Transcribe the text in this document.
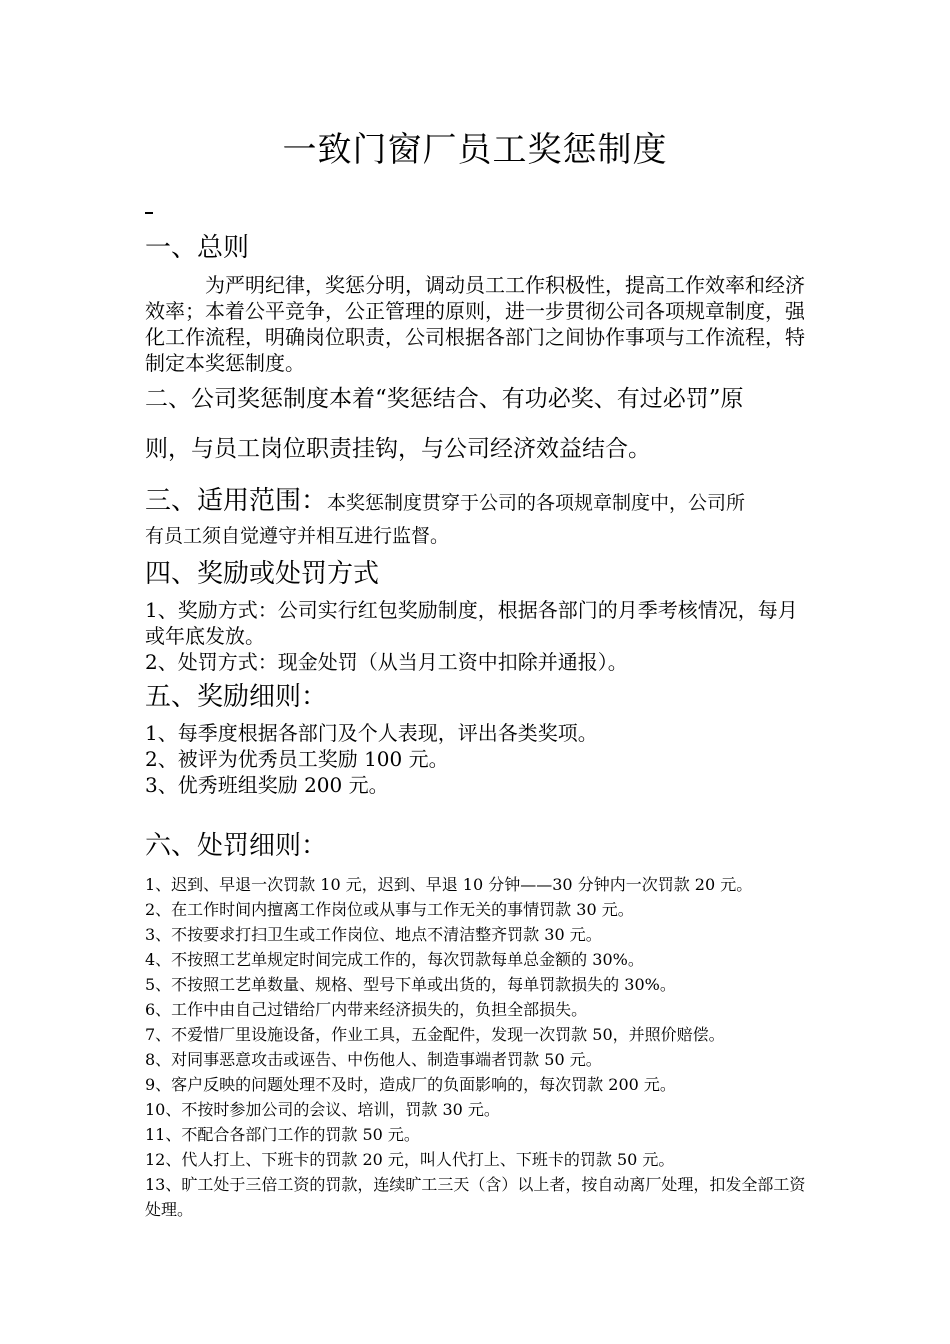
一致门窗厂员工奖惩制度
一、总则

为严明纪律，奖惩分明，调动员工工作积极性，提高工作效率和经济效率；本着公平竞争，公正管理的原则，进一步贯彻公司各项规章制度，强化工作流程，明确岗位职责，公司根据各部门之间协作事项与工作流程，特制定本奖惩制度。

二、公司奖惩制度本着“奖惩结合、有功必奖、有过必罚”原

则，与员工岗位职责挂钩，与公司经济效益结合。

三、适用范围：本奖惩制度贯穿于公司的各项规章制度中，公司所

有员工须自觉遵守并相互进行监督。

四、奖励或处罚方式

1、奖励方式：公司实行红包奖励制度，根据各部门的月季考核情况，每月或年底发放。

2、处罚方式：现金处罚（从当月工资中扣除并通报）。

五、奖励细则：

1、每季度根据各部门及个人表现，评出各类奖项。

2、被评为优秀员工奖励 100 元。

3、优秀班组奖励 200 元。

六、处罚细则：

1、迟到、早退一次罚款 10 元，迟到、早退 10 分钟——30 分钟内一次罚款 20 元。

2、在工作时间内擅离工作岗位或从事与工作无关的事情罚款 30 元。

3、不按要求打扫卫生或工作岗位、地点不清洁整齐罚款 30 元。

4、不按照工艺单规定时间完成工作的，每次罚款每单总金额的 30%。

5、不按照工艺单数量、规格、型号下单或出货的，每单罚款损失的 30%。

6、工作中由自己过错给厂内带来经济损失的，负担全部损失。

7、不爱惜厂里设施设备，作业工具，五金配件，发现一次罚款 50，并照价赔偿。

8、对同事恶意攻击或诬告、中伤他人、制造事端者罚款 50 元。

9、客户反映的问题处理不及时，造成厂的负面影响的，每次罚款 200 元。

10、不按时参加公司的会议、培训，罚款 30 元。

11、不配合各部门工作的罚款 50 元。

12、代人打上、下班卡的罚款 20 元，叫人代打上、下班卡的罚款 50 元。

13、旷工处于三倍工资的罚款，连续旷工三天（含）以上者，按自动离厂处理，扣发全部工资处理。
